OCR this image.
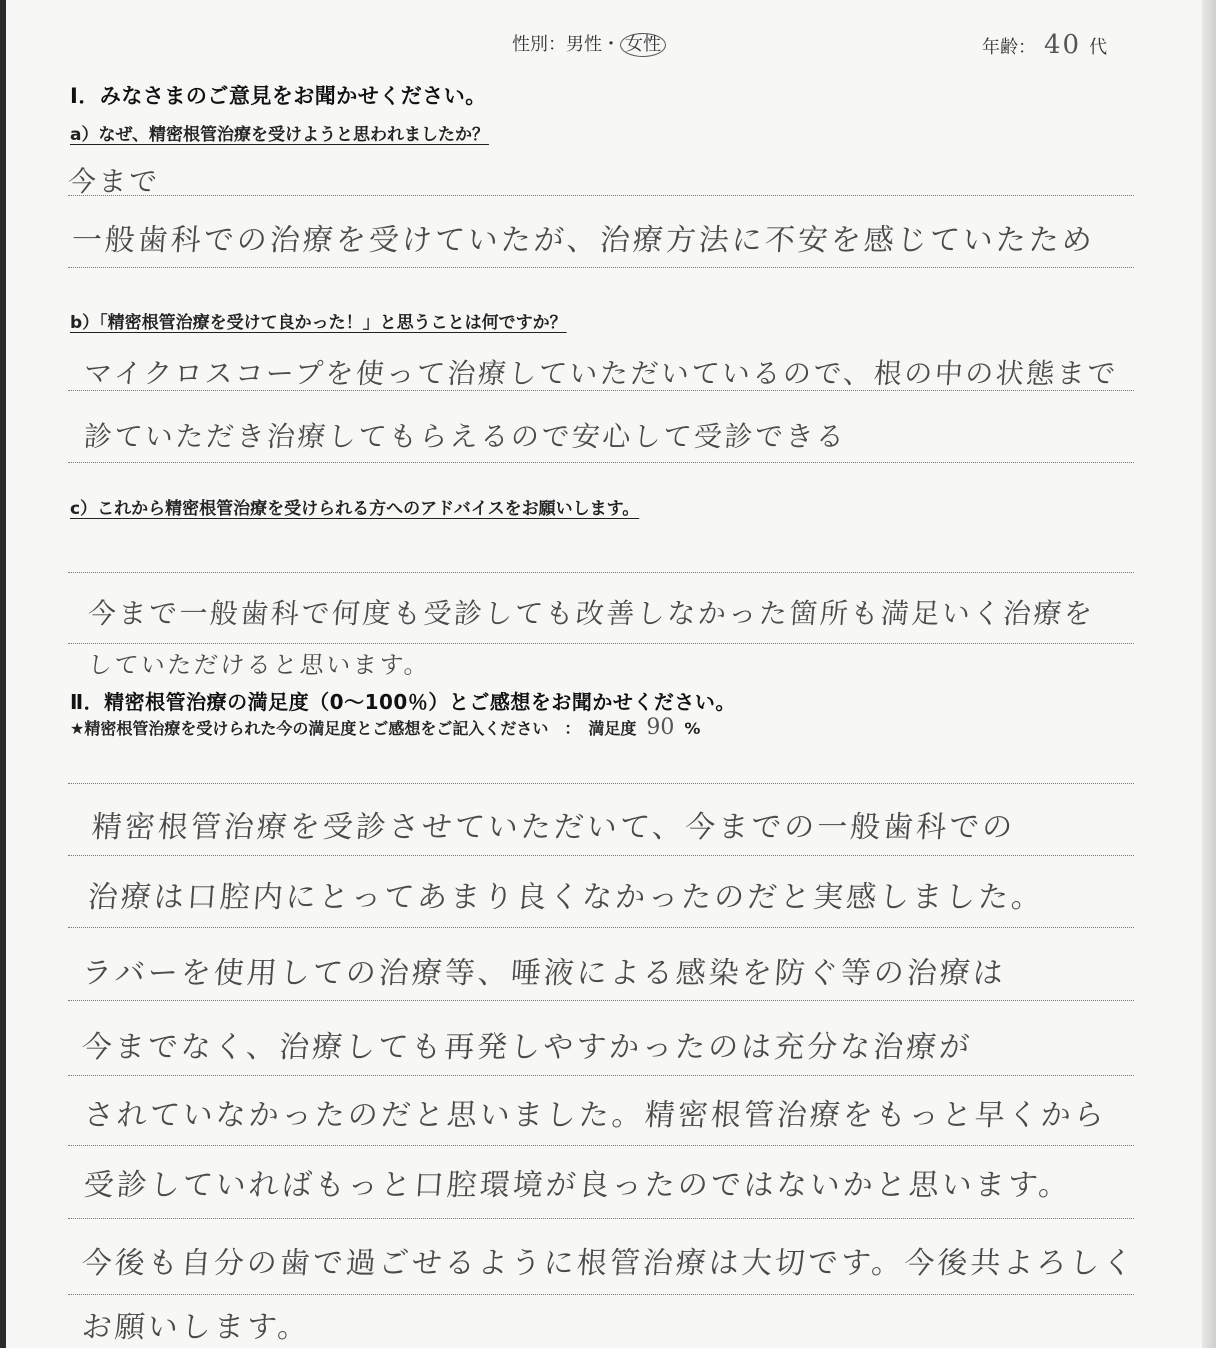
性別：男性・ 女性	年齢： 40 代
Ⅰ．みなさまのご意見をお聞かせください。
a）なぜ、精密根管治療を受けようと思われましたか？
今まで
一般歯科での治療を受けていたが、治療方法に不安を感じていたため
b）「精密根管治療を受けて良かった！」と思うことは何ですか？
マイクロスコープを使って治療していただいているので、根の中の状態まで
診ていただき治療してもらえるので安心して受診できる
c）これから精密根管治療を受けられる方へのアドバイスをお願いします。
今まで一般歯科で何度も受診しても改善しなかった箇所も満足いく治療を
していただけると思います。
Ⅱ．精密根管治療の満足度（0～100％）とご感想をお聞かせください。
★精密根管治療を受けられた今の満足度とご感想をご記入ください　：　満足度 90 %
精密根管治療を受診させていただいて、今までの一般歯科での
治療は口腔内にとってあまり良くなかったのだと実感しました。
ラバーを使用しての治療等、唾液による感染を防ぐ等の治療は
今までなく、治療しても再発しやすかったのは充分な治療が
されていなかったのだと思いました。精密根管治療をもっと早くから
受診していればもっと口腔環境が良ったのではないかと思います。
今後も自分の歯で過ごせるように根管治療は大切です。今後共よろしく
お願いします。
